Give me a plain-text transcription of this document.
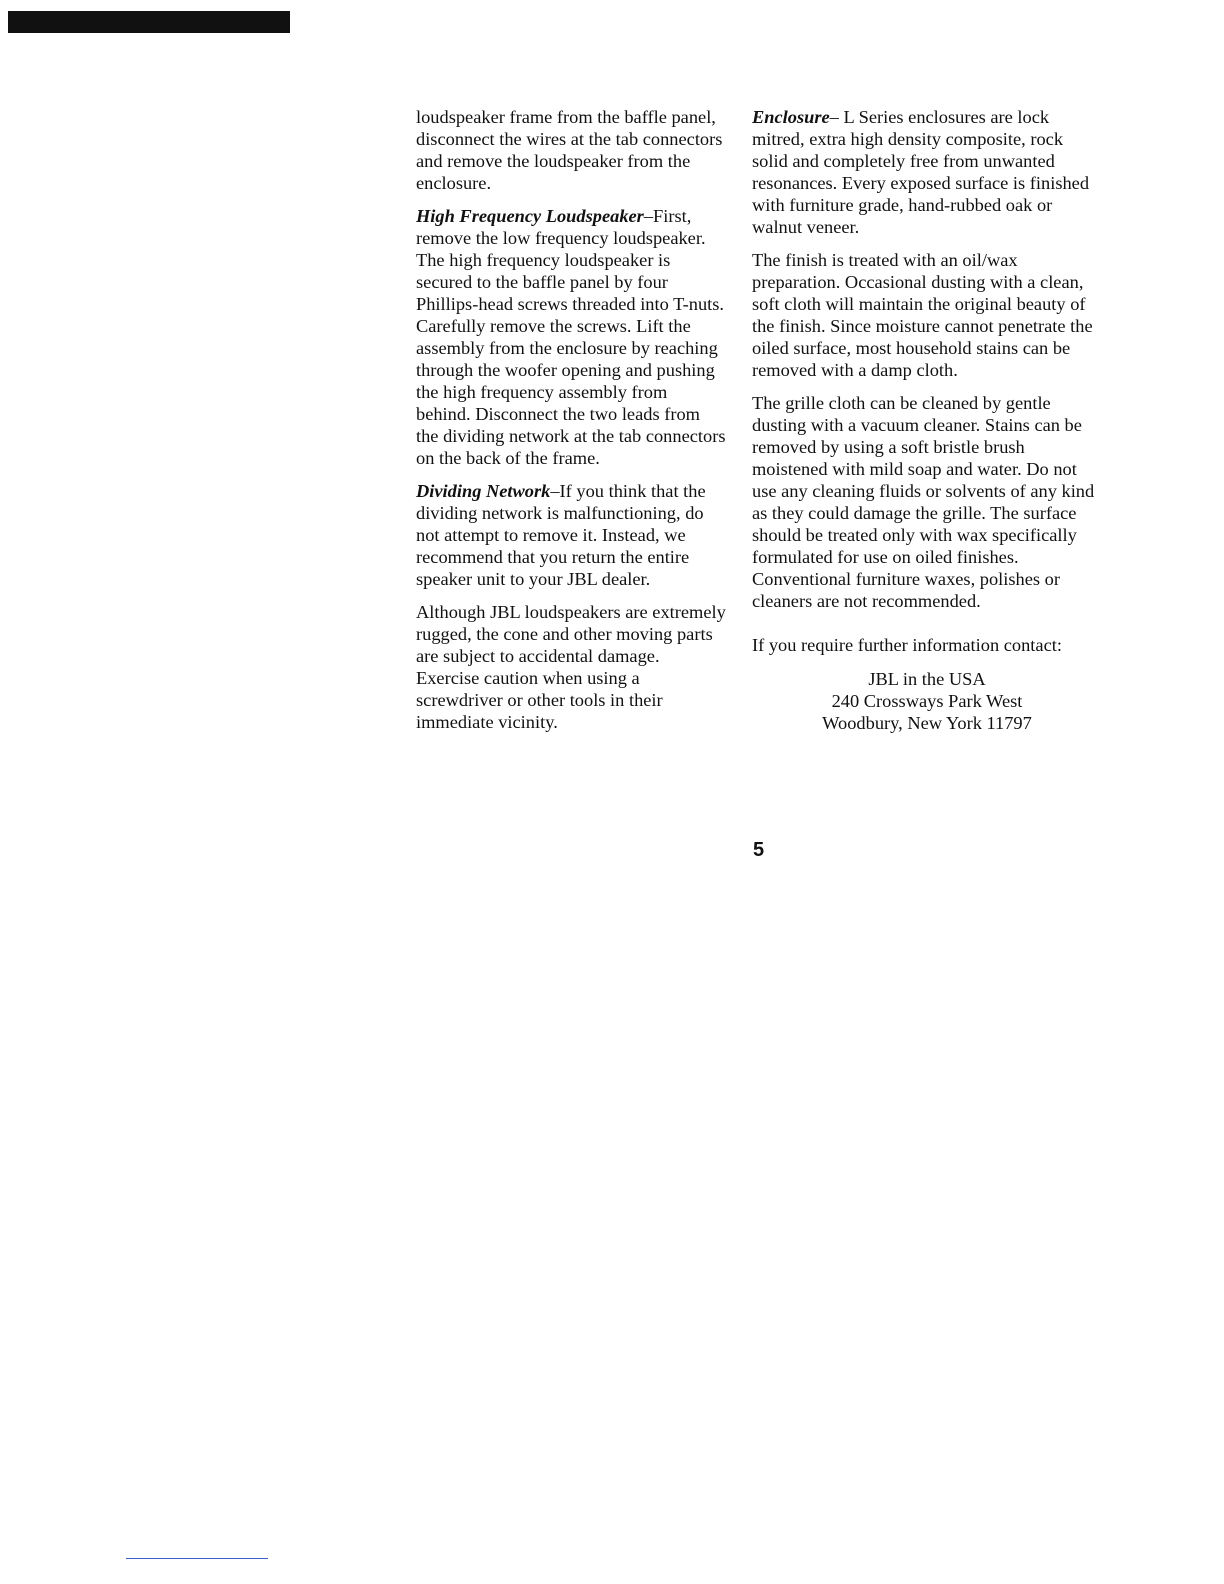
loudspeaker frame from the baffle panel, disconnect the wires at the tab connectors and remove the loudspeaker from the enclosure.

High Frequency Loudspeaker–First, remove the low frequency loudspeaker. The high frequency loudspeaker is secured to the baffle panel by four Phillips-head screws threaded into T-nuts. Carefully remove the screws. Lift the assembly from the enclosure by reaching through the woofer opening and pushing the high frequency assembly from behind. Disconnect the two leads from the dividing network at the tab connectors on the back of the frame.

Dividing Network–If you think that the dividing network is malfunctioning, do not attempt to remove it. Instead, we recommend that you return the entire speaker unit to your JBL dealer.

Although JBL loudspeakers are extremely rugged, the cone and other moving parts are subject to accidental damage. Exercise caution when using a screwdriver or other tools in their immediate vicinity.

Enclosure– L Series enclosures are lock mitred, extra high density composite, rock solid and completely free from unwanted resonances. Every exposed surface is finished with furniture grade, hand-rubbed oak or walnut veneer.

The finish is treated with an oil/wax preparation. Occasional dusting with a clean, soft cloth will maintain the original beauty of the finish. Since moisture cannot penetrate the oiled surface, most household stains can be removed with a damp cloth.

The grille cloth can be cleaned by gentle dusting with a vacuum cleaner. Stains can be removed by using a soft bristle brush moistened with mild soap and water. Do not use any cleaning fluids or solvents of any kind as they could damage the grille. The surface should be treated only with wax specifically formulated for use on oiled finishes. Conventional furniture waxes, polishes or cleaners are not recommended.

If you require further information contact:

JBL in the USA
240 Crossways Park West
Woodbury, New York 11797
5
